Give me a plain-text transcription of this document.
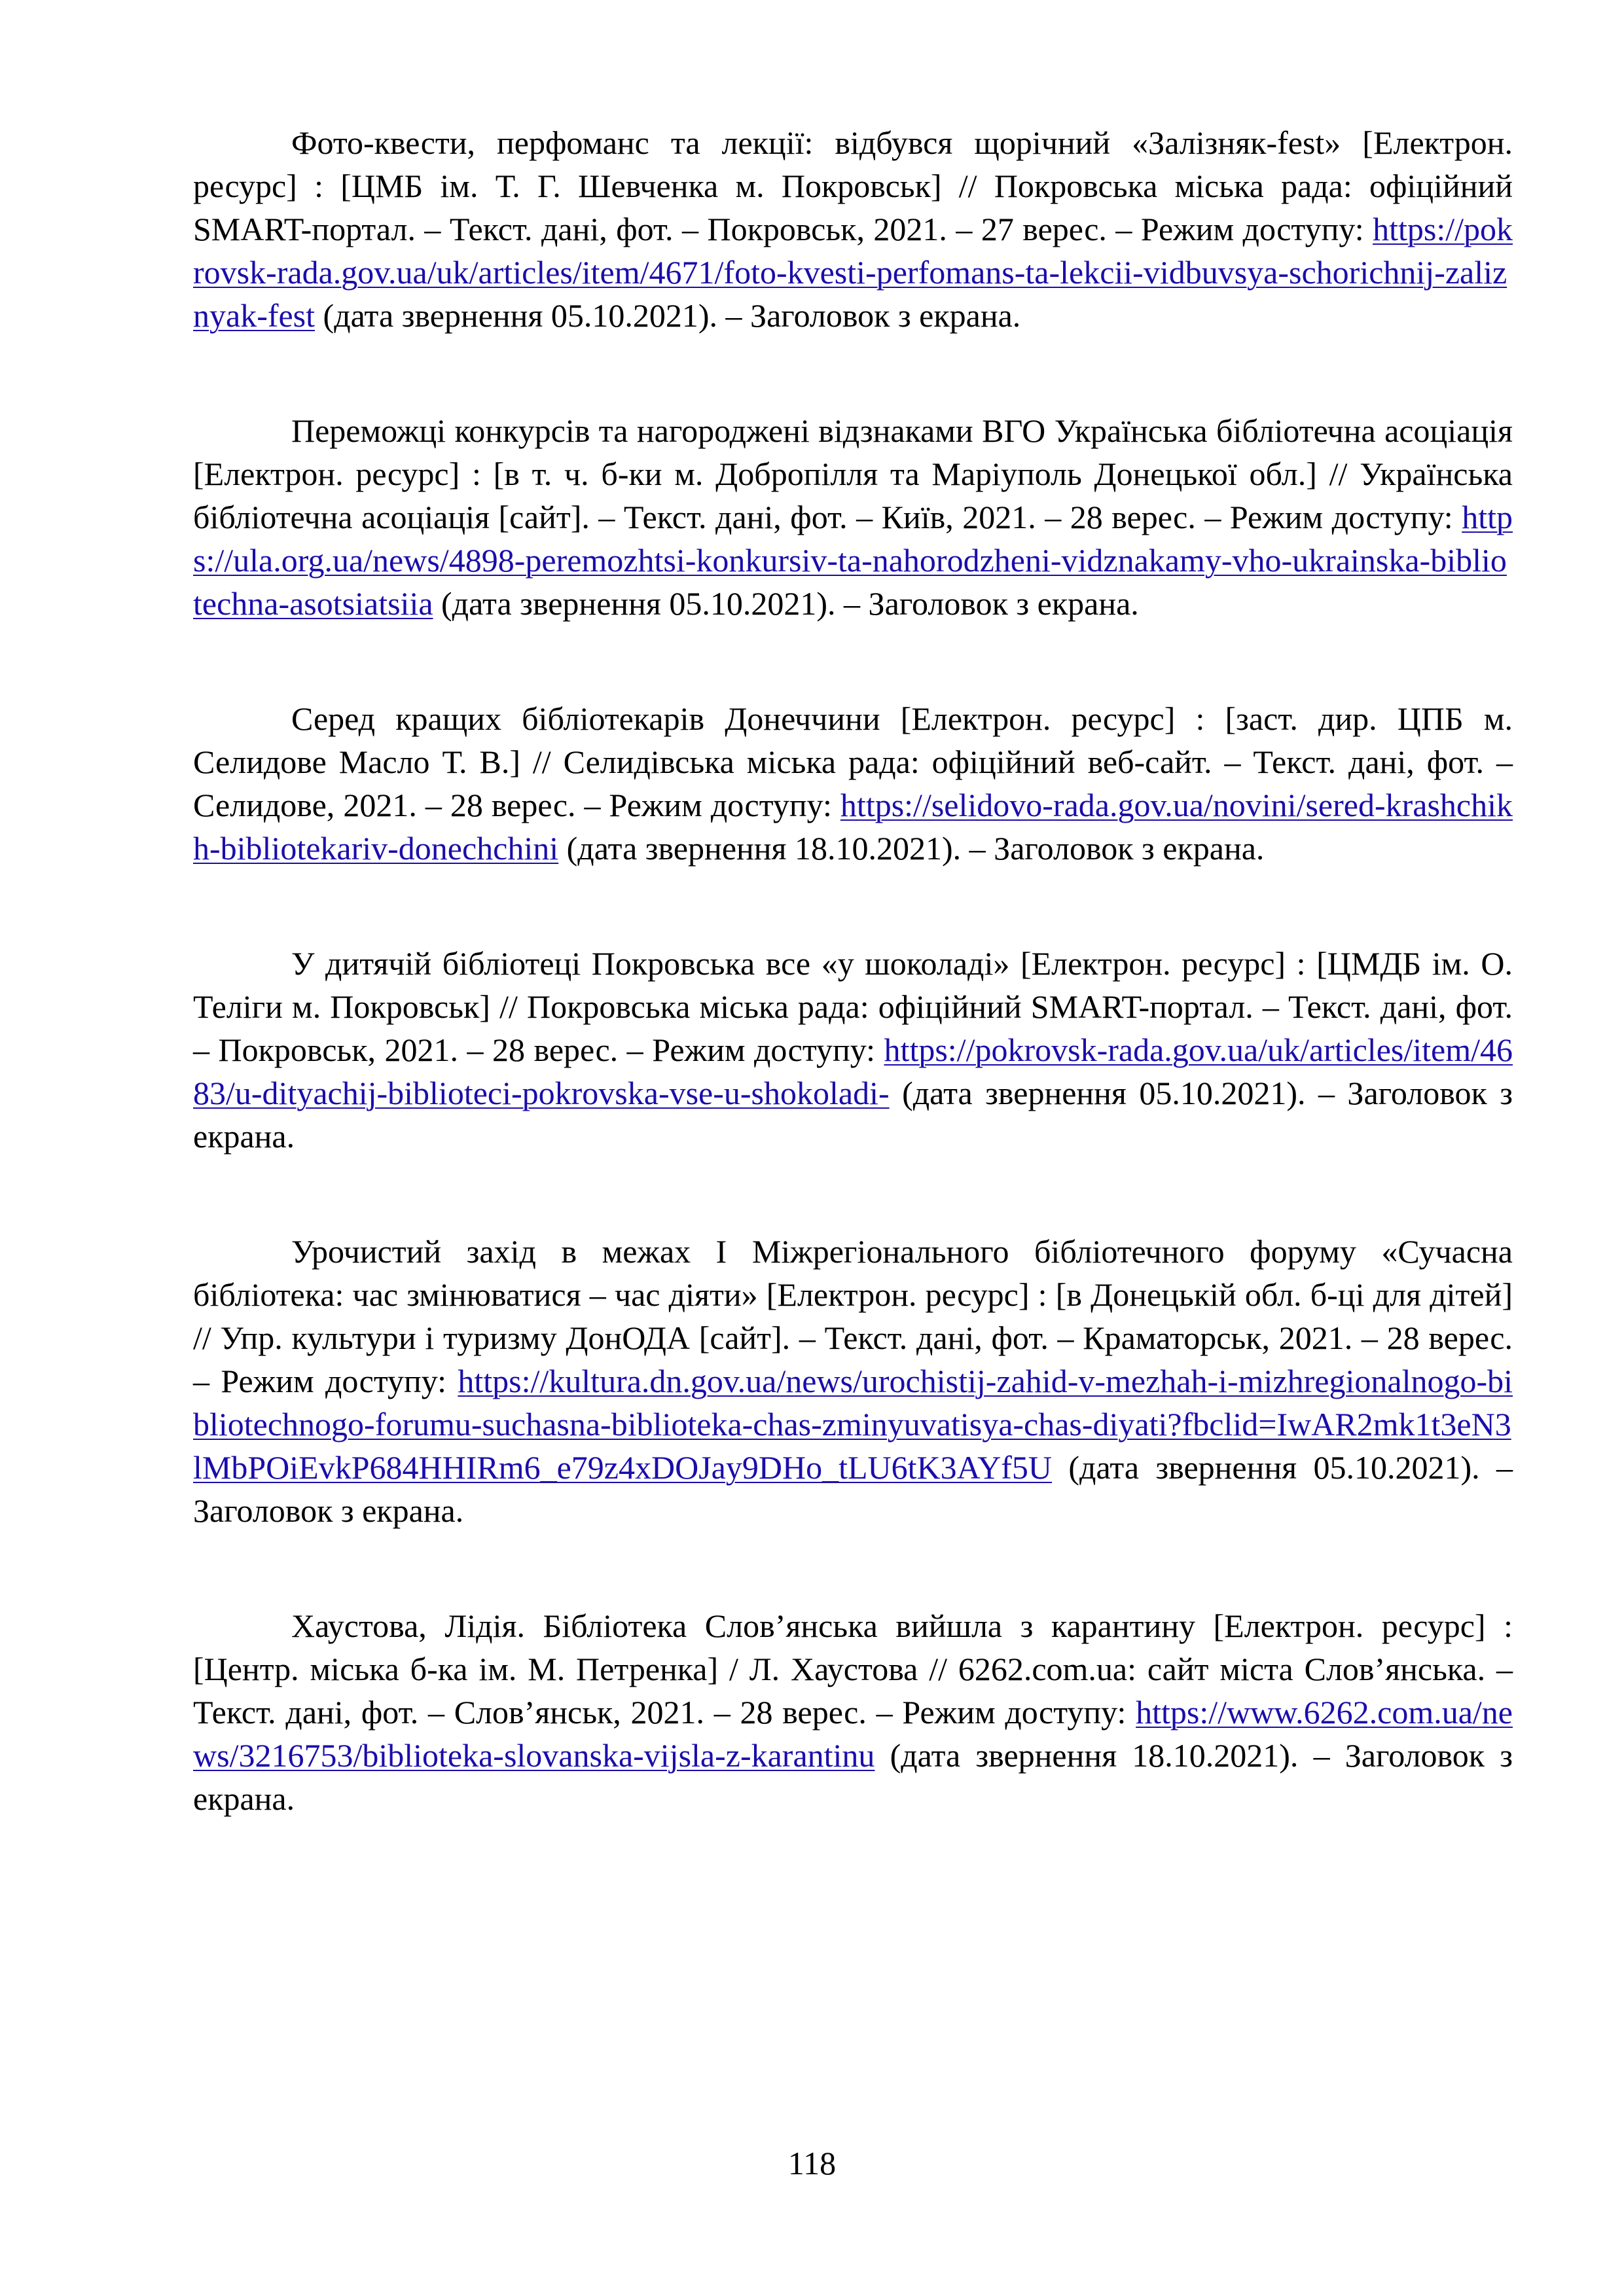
Фото-квести, перфоманс та лекції: відбувся щорічний «Залізняк-fest» [Електрон. ресурс] : [ЦМБ ім. Т. Г. Шевченка м. Покровськ] // Покровська міська рада: офіційний SMART-портал. – Текст. дані, фот. – Покровськ, 2021. – 27 верес. – Режим доступу: https://pokrovsk-rada.gov.ua/uk/articles/item/4671/foto-kvesti-perfomans-ta-lekcii-vidbuvsya-schorichnij-zaliznyak-fest (дата звернення 05.10.2021). – Заголовок з екрана.

Переможці конкурсів та нагороджені відзнаками ВГО Українська бібліотечна асоціація [Електрон. ресурс] : [в т. ч. б-ки м. Добропілля та Маріуполь Донецької обл.] // Українська бібліотечна асоціація [сайт]. – Текст. дані, фот. – Київ, 2021. – 28 верес. – Режим доступу: https://ula.org.ua/news/4898-peremozhtsi-konkursiv-ta-nahorodzheni-vidznakamy-vho-ukrainska-bibliotechna-asotsiatsiia (дата звернення 05.10.2021). – Заголовок з екрана.

Серед кращих бібліотекарів Донеччини [Електрон. ресурс] : [заст. дир. ЦПБ м. Селидове Масло Т. В.] // Селидівська міська рада: офіційний веб-сайт. – Текст. дані, фот. – Селидове, 2021. – 28 верес. – Режим доступу: https://selidovo-rada.gov.ua/novini/sered-krashchikh-bibliotekariv-donechchini (дата звернення 18.10.2021). – Заголовок з екрана.

У дитячій бібліотеці Покровська все «у шоколаді» [Електрон. ресурс] : [ЦМДБ ім. О. Теліги м. Покровськ] // Покровська міська рада: офіційний SMART-портал. – Текст. дані, фот. – Покровськ, 2021. – 28 верес. – Режим доступу: https://pokrovsk-rada.gov.ua/uk/articles/item/4683/u-dityachij-biblioteci-pokrovska-vse-u-shokoladi- (дата звернення 05.10.2021). – Заголовок з екрана.

Урочистий захід в межах І Міжрегіонального бібліотечного форуму «Сучасна бібліотека: час змінюватися – час діяти» [Електрон. ресурс] : [в Донецькій обл. б-ці для дітей] // Упр. культури і туризму ДонОДА [сайт]. – Текст. дані, фот. – Краматорськ, 2021. – 28 верес. – Режим доступу: https://kultura.dn.gov.ua/news/urochistij-zahid-v-mezhah-i-mizhregionalnogo-bibliotechnogo-forumu-suchasna-biblioteka-chas-zminyuvatisya-chas-diyati?fbclid=IwAR2mk1t3eN3lMbPOiEvkP684HHIRm6_e79z4xDOJay9DHo_tLU6tK3AYf5U (дата звернення 05.10.2021). – Заголовок з екрана.

Хаустова, Лідія. Бібліотека Слов’янська вийшла з карантину [Електрон. ресурс] : [Центр. міська б-ка ім. М. Петренка] / Л. Хаустова // 6262.com.ua: сайт міста Слов’янська. – Текст. дані, фот. – Слов’янськ, 2021. – 28 верес. – Режим доступу: https://www.6262.com.ua/news/3216753/biblioteka-slovanska-vijsla-z-karantinu (дата звернення 18.10.2021). – Заголовок з екрана.

118
